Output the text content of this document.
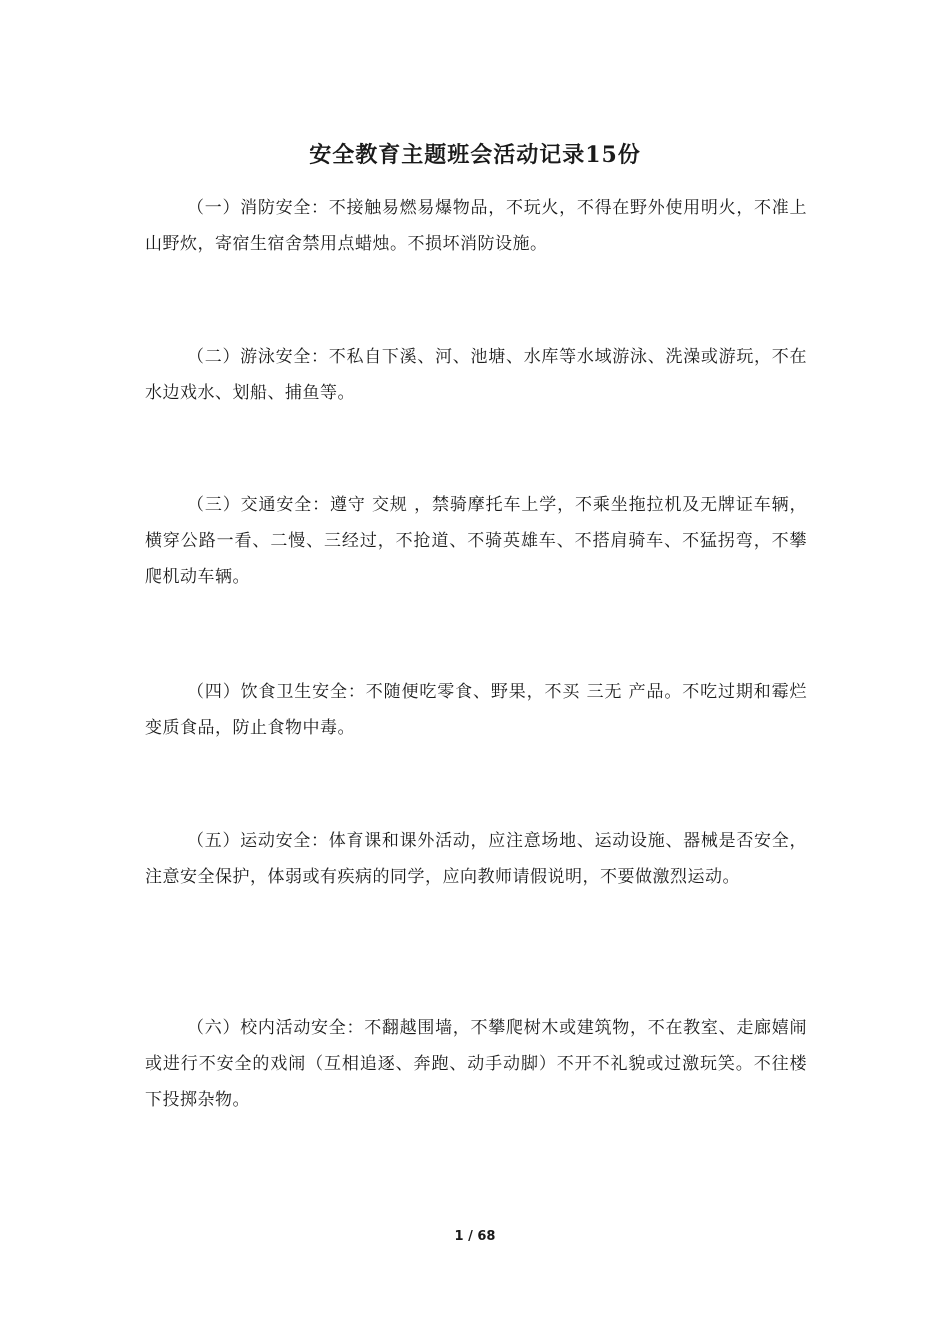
安全教育主题班会活动记录15份

（一）消防安全：不接触易燃易爆物品，不玩火，不得在野外使用明火，不准上山野炊，寄宿生宿舍禁用点蜡烛。不损坏消防设施。

（二）游泳安全：不私自下溪、河、池塘、水库等水域游泳、洗澡或游玩，不在水边戏水、划船、捕鱼等。

（三）交通安全：遵守 交规 ，禁骑摩托车上学，不乘坐拖拉机及无牌证车辆，横穿公路一看、二慢、三经过，不抢道、不骑英雄车、不搭肩骑车、不猛拐弯，不攀爬机动车辆。

（四）饮食卫生安全：不随便吃零食、野果，不买 三无 产品。不吃过期和霉烂变质食品，防止食物中毒。

（五）运动安全：体育课和课外活动，应注意场地、运动设施、器械是否安全，注意安全保护，体弱或有疾病的同学，应向教师请假说明，不要做激烈运动。

（六）校内活动安全：不翻越围墙，不攀爬树木或建筑物，不在教室、走廊嬉闹或进行不安全的戏闹（互相追逐、奔跑、动手动脚）不开不礼貌或过激玩笑。不往楼下投掷杂物。

1 / 68
